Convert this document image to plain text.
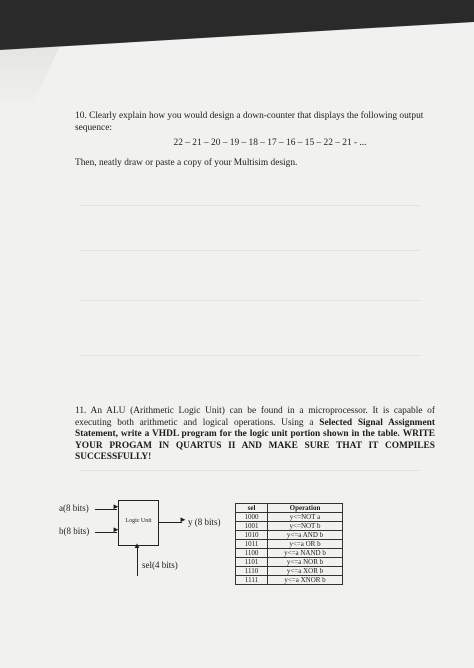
10. Clearly explain how you would design a down-counter that displays the following output sequence:
22 – 21 – 20 – 19 – 18 – 17 – 16 – 15 – 22 – 21 - ...
Then, neatly draw or paste a copy of your Multisim design.
11. An ALU (Arithmetic Logic Unit) can be found in a microprocessor. It is capable of executing both arithmetic and logical operations. Using a Selected Signal Assignment Statement, write a VHDL program for the logic unit portion shown in the table. WRITE YOUR PROGAM IN QUARTUS II AND MAKE SURE THAT IT COMPILES SUCCESSFULLY!
a(8 bits)	►
b(8 bits)	►
Logic Unit	► y (8 bits)
▲
sel(4 bits)
sel	Operation
1000	y<=NOT a
1001	y<=NOT b
1010	y<=a AND b
1011	y<=a OR b
1100	y<=a NAND b
1101	y<=a NOR b
1110	y<=a XOR b
1111	y<=a XNOR b
